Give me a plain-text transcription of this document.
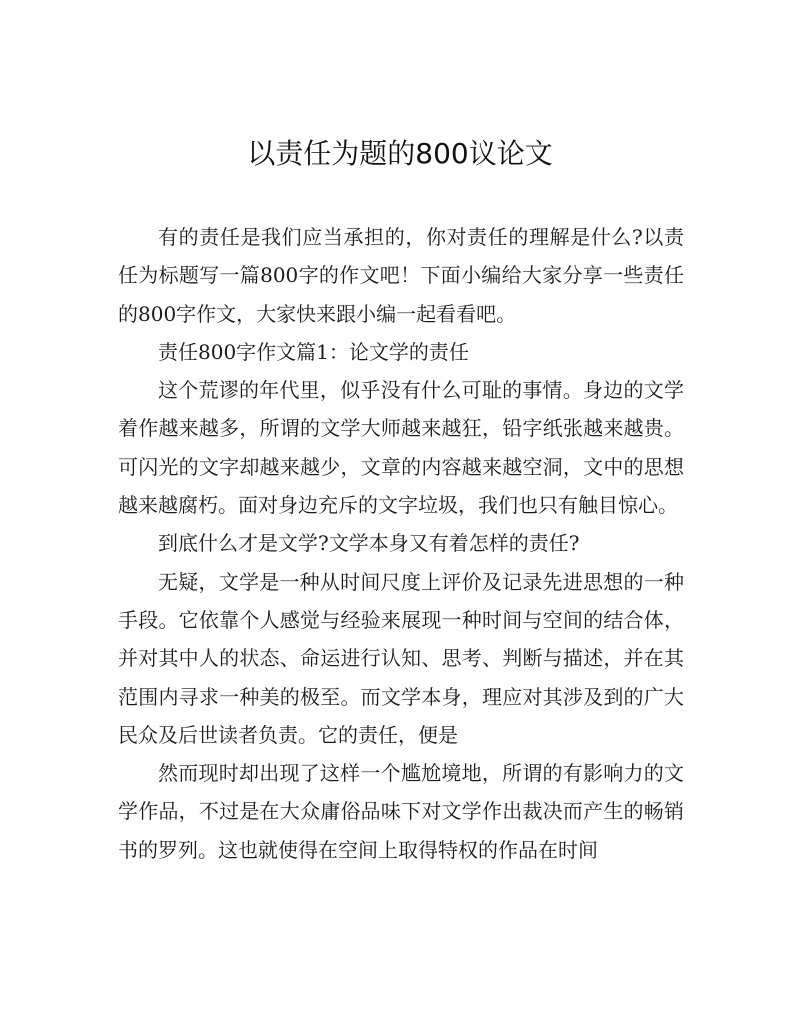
以责任为题的800议论文

有的责任是我们应当承担的，你对责任的理解是什么?以责任为标题写一篇800字的作文吧！下面小编给大家分享一些责任的800字作文，大家快来跟小编一起看看吧。

责任800字作文篇1：论文学的责任

这个荒谬的年代里，似乎没有什么可耻的事情。身边的文学着作越来越多，所谓的文学大师越来越狂，铅字纸张越来越贵。可闪光的文字却越来越少，文章的内容越来越空洞，文中的思想越来越腐朽。面对身边充斥的文字垃圾，我们也只有触目惊心。

到底什么才是文学?文学本身又有着怎样的责任?

无疑，文学是一种从时间尺度上评价及记录先进思想的一种手段。它依靠个人感觉与经验来展现一种时间与空间的结合体，并对其中人的状态、命运进行认知、思考、判断与描述，并在其范围内寻求一种美的极至。而文学本身，理应对其涉及到的广大民众及后世读者负责。它的责任，便是

然而现时却出现了这样一个尴尬境地，所谓的有影响力的文学作品，不过是在大众庸俗品味下对文学作出裁决而产生的畅销书的罗列。这也就使得在空间上取得特权的作品在时间
